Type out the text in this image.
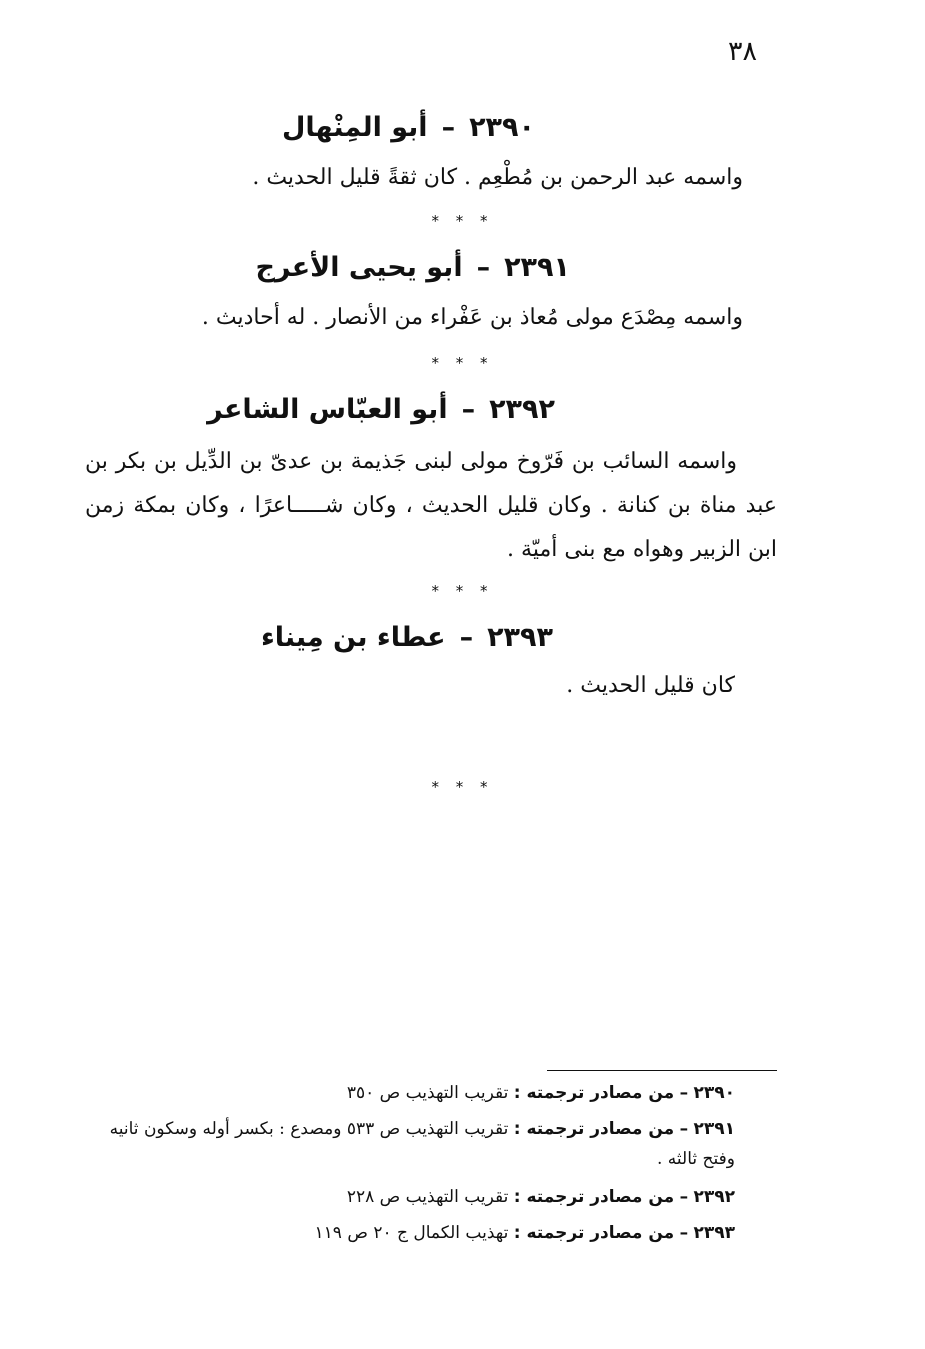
٣٨
٢٣٩٠–أبو المِنْهال
واسمه عبد الرحمن بن مُطْعِم . كان ثقةً قليل الحديث .
* * *
٢٣٩١–أبو يحيى الأعرج
واسمه مِصْدَع مولى مُعاذ بن عَفْراء من الأنصار . له أحاديث .
* * *
٢٣٩٢–أبو العبّاس الشاعر
واسمه السائب بن فَرّوخ مولى لبنى جَذيمة بن عدىّ بن الدِّيل بن بكر بن عبد مناة بن كنانة . وكان قليل الحديث ، وكان شـــــاعرًا ، وكان بمكة زمن ابن الزبير وهواه مع بنى أميّة .
* * *
٢٣٩٣–عطاء بن مِيناء
كان قليل الحديث .
* * *
٢٣٩٠ – من مصادر ترجمته : تقريب التهذيب ص ٣٥٠
٢٣٩١ – من مصادر ترجمته : تقريب التهذيب ص ٥٣٣ ومصدع : بكسر أوله وسكون ثانيه وفتح ثالثه .
٢٣٩٢ – من مصادر ترجمته : تقريب التهذيب ص ٢٢٨
٢٣٩٣ – من مصادر ترجمته : تهذيب الكمال ج ٢٠ ص ١١٩
